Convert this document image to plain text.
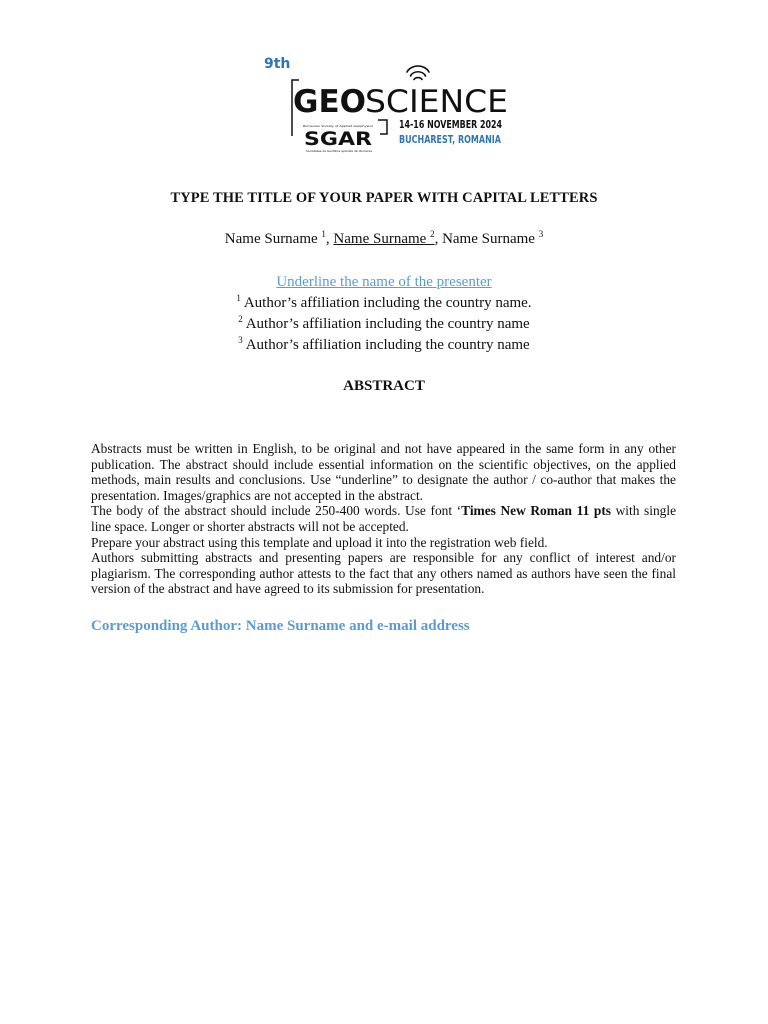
9th
GEO SCIENCE
Romanian Society of Applied Geophysics
SGAR
Societatea de Geofizica Aplicata din Romania
14-16 NOVEMBER 2024
BUCHAREST, ROMANIA
TYPE THE TITLE OF YOUR PAPER WITH CAPITAL LETTERS
Name Surname $^1$, Name Surname $^2$, Name Surname $^3$
Underline the name of the presenter
$^1$ Author’s affiliation including the country name.
$^2$ Author’s affiliation including the country name
$^3$ Author’s affiliation including the country name
ABSTRACT

Abstracts must be written in English, to be original and not have appeared in the same form in any other publication. The abstract should include essential information on the scientific objectives, on the applied methods, main results and conclusions. Use “underline” to designate the author / co-author that makes the presentation. Images/graphics are not accepted in the abstract.

The body of the abstract should include 250-400 words. Use font ‘Times New Roman 11 pts with single line space. Longer or shorter abstracts will not be accepted.

Prepare your abstract using this template and upload it into the registration web field.

Authors submitting abstracts and presenting papers are responsible for any conflict of interest and/or plagiarism. The corresponding author attests to the fact that any others named as authors have seen the final version of the abstract and have agreed to its submission for presentation.

Corresponding Author: Name Surname and e-mail address
